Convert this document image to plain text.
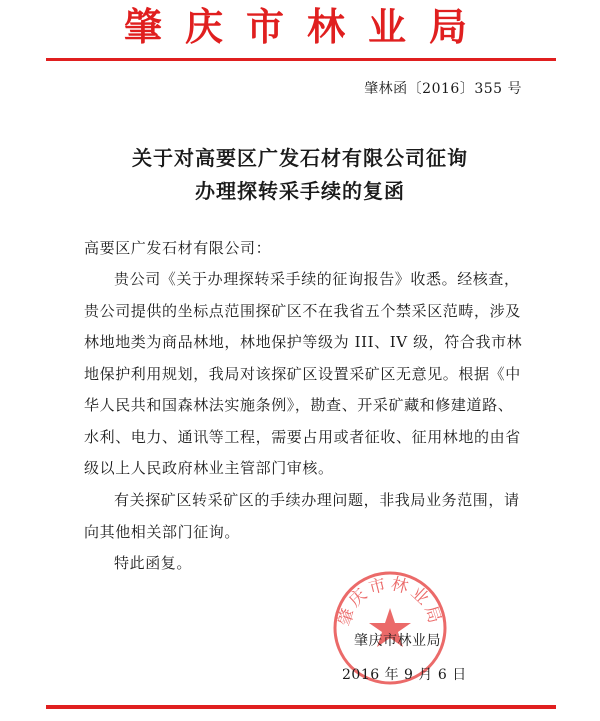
肇庆市林业局
肇林函〔2016〕355 号
关于对高要区广发石材有限公司征询
办理探转采手续的复函
高要区广发石材有限公司：
贵公司《关于办理探转采手续的征询报告》收悉。经核查，
贵公司提供的坐标点范围探矿区不在我省五个禁采区范畴，涉及
林地地类为商品林地，林地保护等级为 III、IV 级，符合我市林
地保护利用规划，我局对该探矿区设置采矿区无意见。根据《中
华人民共和国森林法实施条例》，勘查、开采矿藏和修建道路、
水利、电力、通讯等工程，需要占用或者征收、征用林地的由省
级以上人民政府林业主管部门审核。
有关探矿区转采矿区的手续办理问题，非我局业务范围，请
向其他相关部门征询。
特此函复。
肇庆市林业局
肇庆市林业局
2016 年 9 月 6 日
